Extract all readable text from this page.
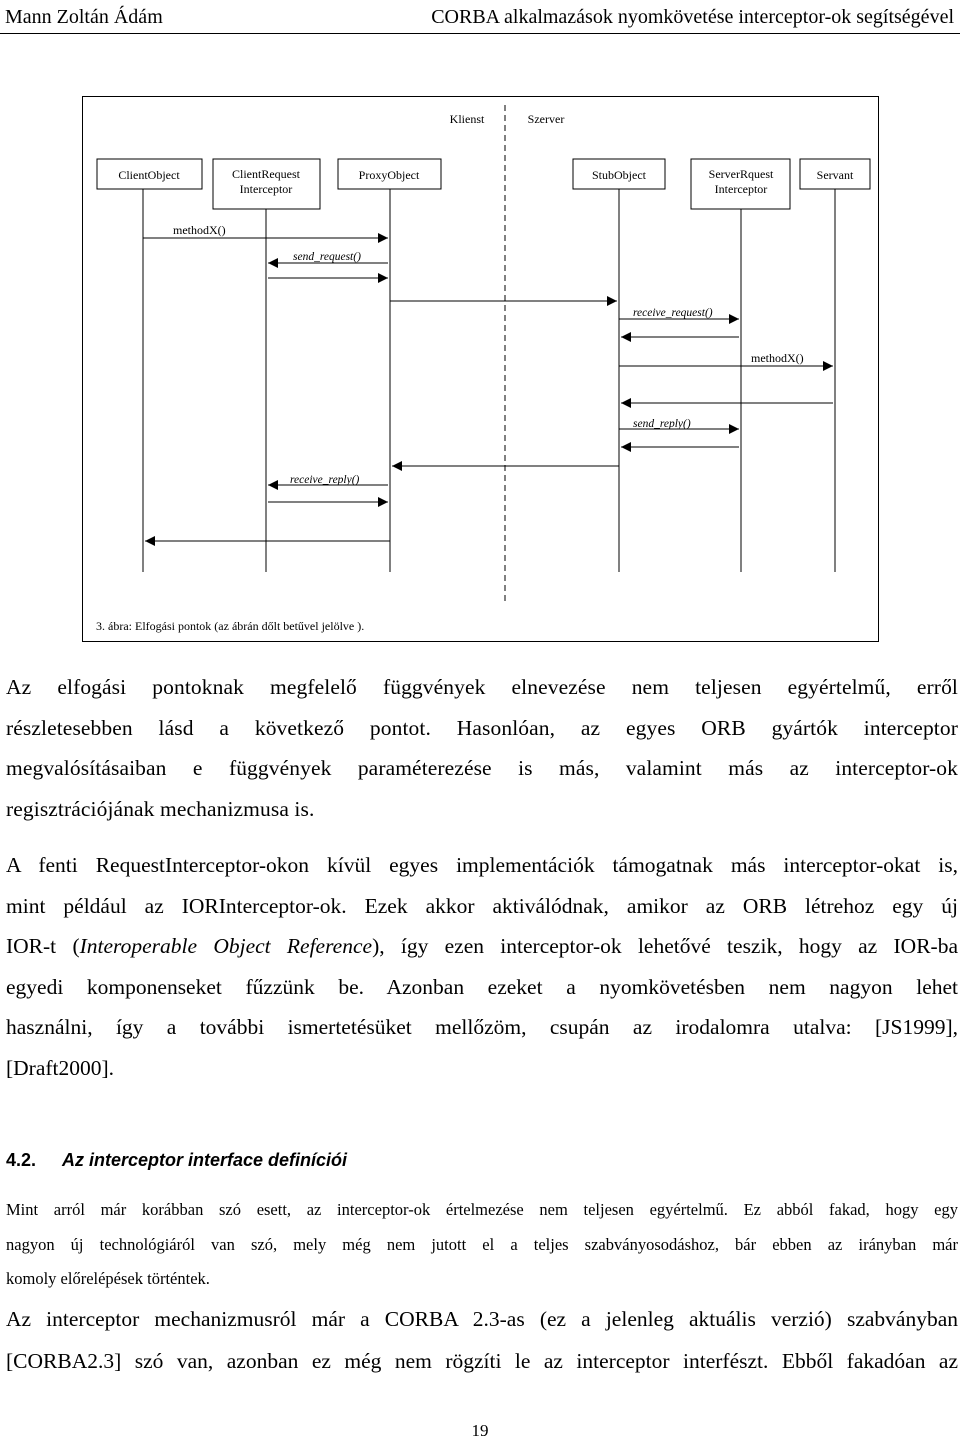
Mann Zoltán Ádám	CORBA alkalmazások nyomkövetése interceptor-ok segítségével
Klienst	Szerver
ClientObject	ClientRequest
Interceptor
ProxyObject	StubObject	ServerRquest
Interceptor
Servant
methodX()
send_request()
receive_request()
methodX()
send_reply()
receive_reply()
3. ábra: Elfogási pontok (az ábrán dőlt betűvel jelölve ).
Az elfogási pontoknak megfelelő függvények elnevezése nem teljesen egyértelmű, erről
részletesebben lásd a következő pontot. Hasonlóan, az egyes ORB gyártók interceptor
megvalósításaiban e függvények paraméterezése is más, valamint más az interceptor-ok
regisztrációjának mechanizmusa is.
A fenti RequestInterceptor-okon kívül egyes implementációk támogatnak más interceptor-okat is,
mint például az IORInterceptor-ok. Ezek akkor aktiválódnak, amikor az ORB létrehoz egy új
IOR-t (Interoperable Object Reference), így ezen interceptor-ok lehetővé teszik, hogy az IOR-ba
egyedi komponenseket fűzzünk be. Azonban ezeket a nyomkövetésben nem nagyon lehet
használni, így a további ismertetésüket mellőzöm, csupán az irodalomra utalva: [JS1999],
[Draft2000].
4.2. Az interceptor interface definíciói
Mint arról már korábban szó esett, az interceptor-ok értelmezése nem teljesen egyértelmű. Ez abból fakad, hogy egy
nagyon új technológiáról van szó, mely még nem jutott el a teljes szabványosodáshoz, bár ebben az irányban már
komoly előrelépések történtek.
Az interceptor mechanizmusról már a CORBA 2.3-as (ez a jelenleg aktuális verzió) szabványban
[CORBA2.3] szó van, azonban ez még nem rögzíti le az interceptor interfészt. Ebből fakadóan az
19
